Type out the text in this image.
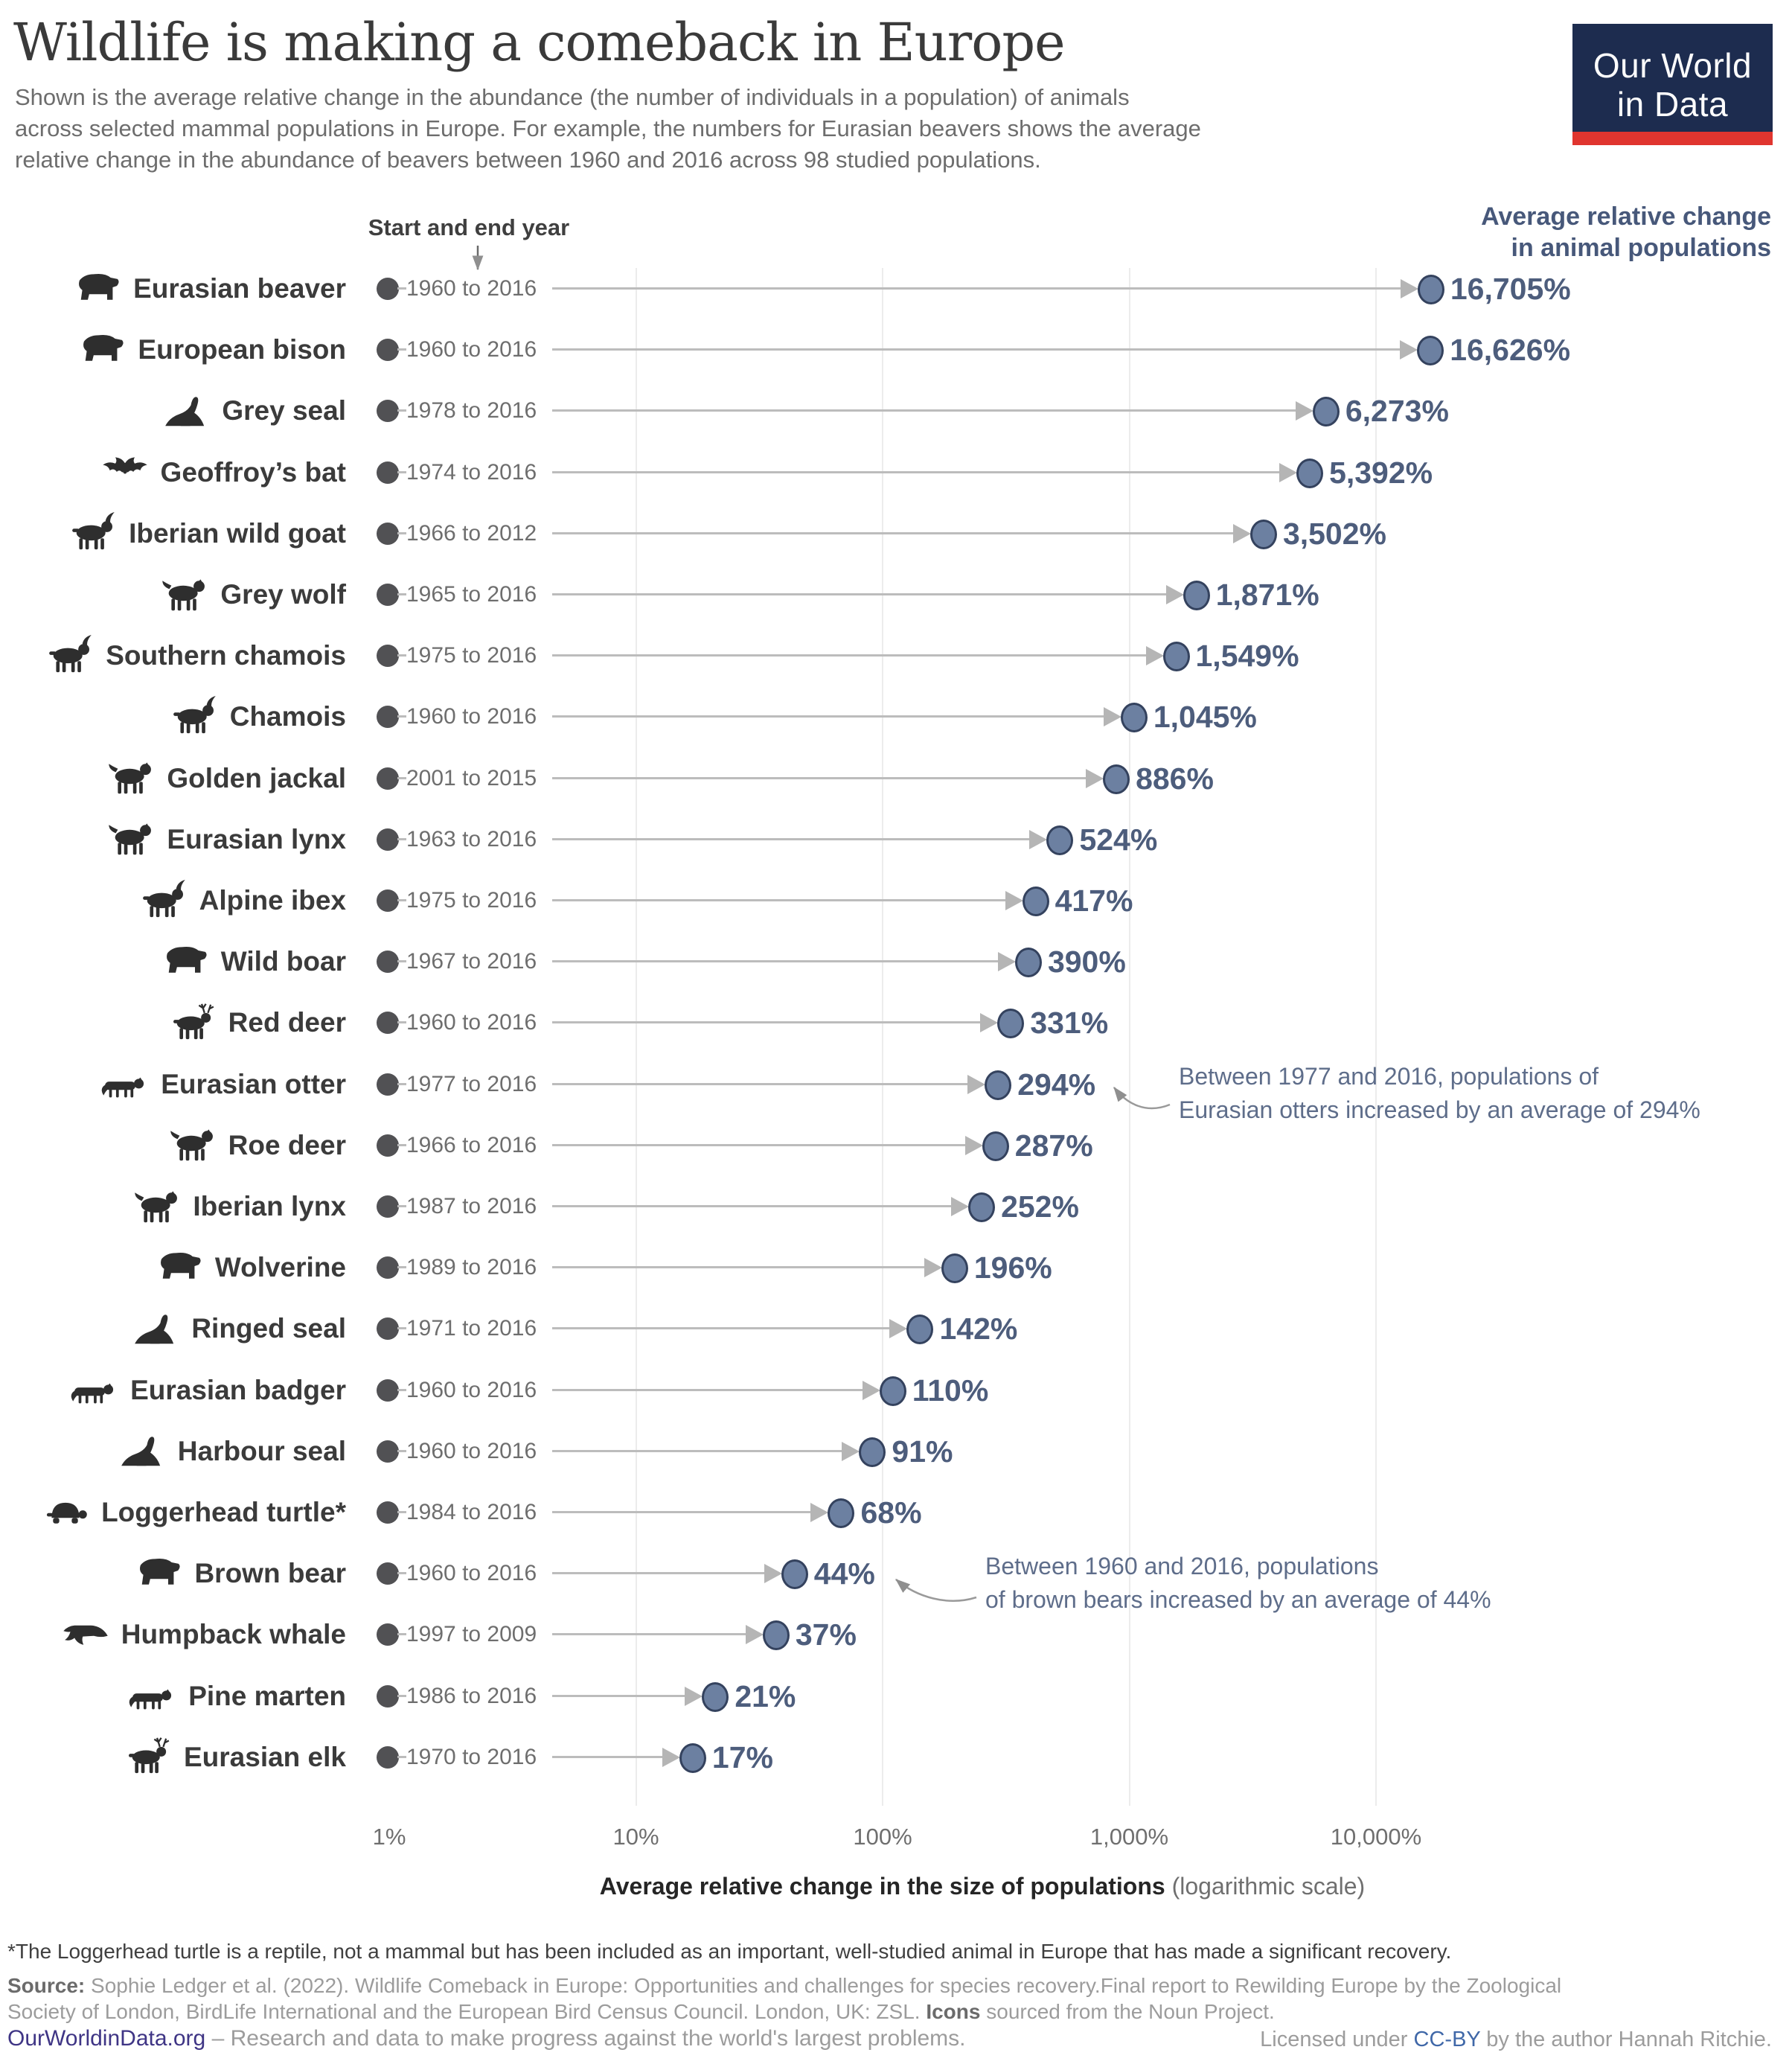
Wildlife is making a comeback in Europe
Shown is the average relative change in the abundance (the number of individuals in a population) of animals
across selected mammal populations in Europe. For example, the numbers for Eurasian beavers shows the average
relative change in the abundance of beavers between 1960 and 2016 across 98 studied populations.
Our World
in Data
Start and end year	Average relative change
in animal populations
Eurasian beaver	1960 to 2016	16,705%
European bison	1960 to 2016	16,626%
Grey seal	1978 to 2016	6,273%
Geoffroy’s bat	1974 to 2016	5,392%
Iberian wild goat	1966 to 2012	3,502%
Grey wolf	1965 to 2016	1,871%
Southern chamois	1975 to 2016	1,549%
Chamois	1960 to 2016	1,045%
Golden jackal	2001 to 2015	886%
Eurasian lynx	1963 to 2016	524%
Alpine ibex	1975 to 2016	417%
Wild boar	1967 to 2016	390%
Red deer	1960 to 2016	331%
Eurasian otter	1977 to 2016	294%
Roe deer	1966 to 2016	287%
Iberian lynx	1987 to 2016	252%
Wolverine	1989 to 2016	196%
Ringed seal	1971 to 2016	142%
Eurasian badger	1960 to 2016	110%
Harbour seal	1960 to 2016	91%
Loggerhead turtle*	1984 to 2016	68%
Brown bear	1960 to 2016	44%
Humpback whale	1997 to 2009	37%
Pine marten	1986 to 2016	21%
Eurasian elk	1970 to 2016	17%
1%	10%	100%	1,000%	10,000%
Average relative change in the size of populations (logarithmic scale)
Between 1977 and 2016, populations of
Eurasian otters increased by an average of 294%
Between 1960 and 2016, populations
of brown bears increased by an average of 44%
*The Loggerhead turtle is a reptile, not a mammal but has been included as an important, well-studied animal in Europe that has made a significant recovery.
Source: Sophie Ledger et al. (2022). Wildlife Comeback in Europe: Opportunities and challenges for species recovery.Final report to Rewilding Europe by the Zoological
Society of London, BirdLife International and the European Bird Census Council. London, UK: ZSL. Icons sourced from the Noun Project.
OurWorldinData.org – Research and data to make progress against the world's largest problems.	Licensed under CC-BY by the author Hannah Ritchie.
